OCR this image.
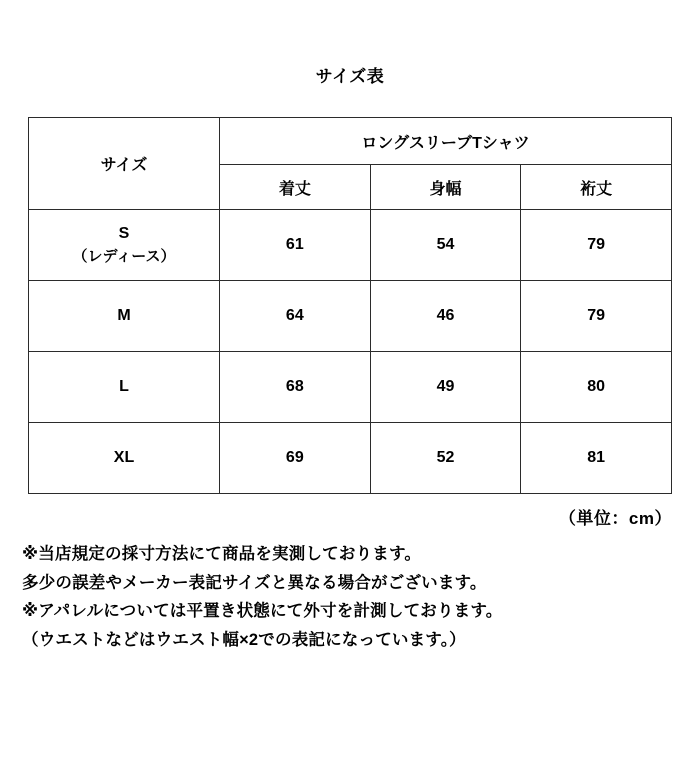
サイズ表
サイズ	ロングスリーブTシャツ		
	着丈	身幅	裄丈

S
（レディース）	61	54	79

M	64	46	79

L	68	49	80

XL	69	52	81
（単位：cm）

※当店規定の採寸方法にて商品を実測しております。

多少の誤差やメーカー表記サイズと異なる場合がございます。

※アパレルについては平置き状態にて外寸を計測しております。

（ウエストなどはウエスト幅×2での表記になっています。）
